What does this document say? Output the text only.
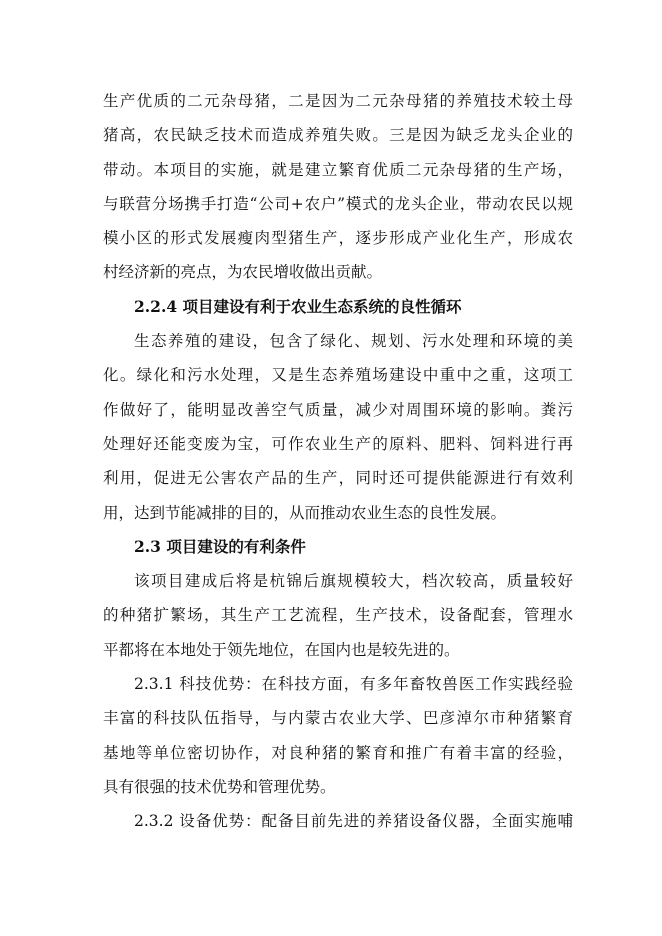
生产优质的二元杂母猪，二是因为二元杂母猪的养殖技术较土母
猪高，农民缺乏技术而造成养殖失败。三是因为缺乏龙头企业的
带动。本项目的实施，就是建立繁育优质二元杂母猪的生产场，
与联营分场携手打造“公司+农户”模式的龙头企业，带动农民以规
模小区的形式发展瘦肉型猪生产，逐步形成产业化生产，形成农
村经济新的亮点，为农民增收做出贡献。
2.2.4 项目建设有利于农业生态系统的良性循环
生态养殖的建设，包含了绿化、规划、污水处理和环境的美
化。绿化和污水处理，又是生态养殖场建设中重中之重，这项工
作做好了，能明显改善空气质量，减少对周围环境的影响。粪污
处理好还能变废为宝，可作农业生产的原料、肥料、饲料进行再
利用，促进无公害农产品的生产，同时还可提供能源进行有效利
用，达到节能减排的目的，从而推动农业生态的良性发展。
2.3 项目建设的有利条件
该项目建成后将是杭锦后旗规模较大，档次较高，质量较好
的种猪扩繁场，其生产工艺流程，生产技术，设备配套，管理水
平都将在本地处于领先地位，在国内也是较先进的。
2.3.1 科技优势：在科技方面，有多年畜牧兽医工作实践经验
丰富的科技队伍指导，与内蒙古农业大学、巴彦淖尔市种猪繁育
基地等单位密切协作，对良种猪的繁育和推广有着丰富的经验，
具有很强的技术优势和管理优势。
2.3.2 设备优势：配备目前先进的养猪设备仪器，全面实施哺
